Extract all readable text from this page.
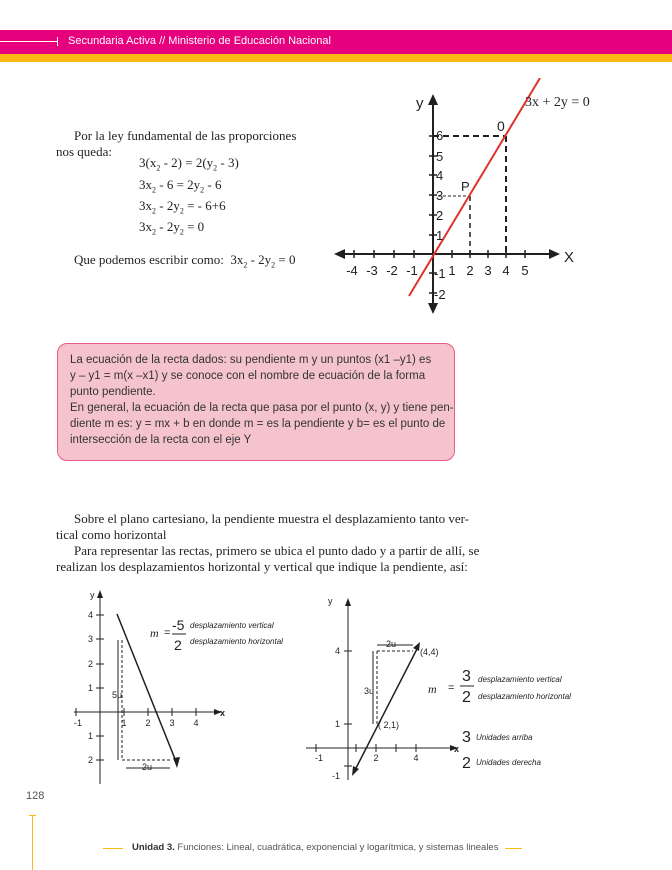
Secundaria Activa // Ministerio de Educación Nacional
Por la ley fundamental de las proporciones
nos queda:
$3(x_2 - 2) = 2(y_2 - 3)$
$3x_2 - 6 = 2y_2 - 6$
$3x_2 - 2y_2$ = - 6+6
$3x_2 - 2y_2 = 0$
Que podemos escribir como: $3x_2 - 2y_2 = 0$
y
X
3x + 2y = 0
0
P
-4 -3 -2 -1 1 2 3 4 5
6
5
4
3
2
1
-1
-2
La ecuación de la recta dados: su pendiente m y un puntos (x1 –y1) es
y – y1 = m(x –x1) y se conoce con el nombre de ecuación de la forma
punto pendiente.
En general, la ecuación de la recta que pasa por el punto (x, y) y tiene pen-
diente m es: y = mx + b en donde m = es la pendiente y b= es el punto de
intersección de la recta con el eje Y
Sobre el plano cartesiano, la pendiente muestra el desplazamiento tanto ver-
tical como horizontal
Para representar las rectas, primero se ubica el punto dado y a partir de allí, se
realizan los desplazamientos horizontal y vertical que indique la pendiente, así:
y
x
4
3
2
1
1
2
-1	1 2 3 4
5u
2u
m = -5
2
desplazamiento vertical
desplazamiento horizontal
y
x
4
1
-1
-1	2	4
( 2,1)
(4,4)
3u
2u
m =
3
2
desplazamiento vertical
desplazamiento horizontal
3 Unidades arriba
2 Unidades derecha
128
Unidad 3. Funciones: Lineal, cuadrática, exponencial y logarítmica, y sistemas lineales
